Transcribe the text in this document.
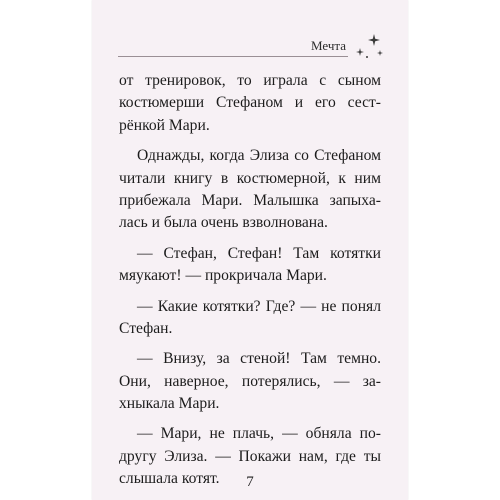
Мечта
от тренировок, то играла с сыном
костюмерши Стефаном и его сест-
рёнкой Мари.
Однажды, когда Элиза со Стефаном
читали книгу в костюмерной, к ним
прибежала Мари. Малышка запыха-
лась и была очень взволнована.
— Стефан, Стефан! Там котятки
мяукают! — прокричала Мари.
— Какие котятки? Где? — не понял
Стефан.
— Внизу, за стеной! Там темно.
Они, наверное, потерялись, — за-
хныкала Мари.
— Мари, не плачь, — обняла по-
другу Элиза. — Покажи нам, где ты
слышала котят.	7
